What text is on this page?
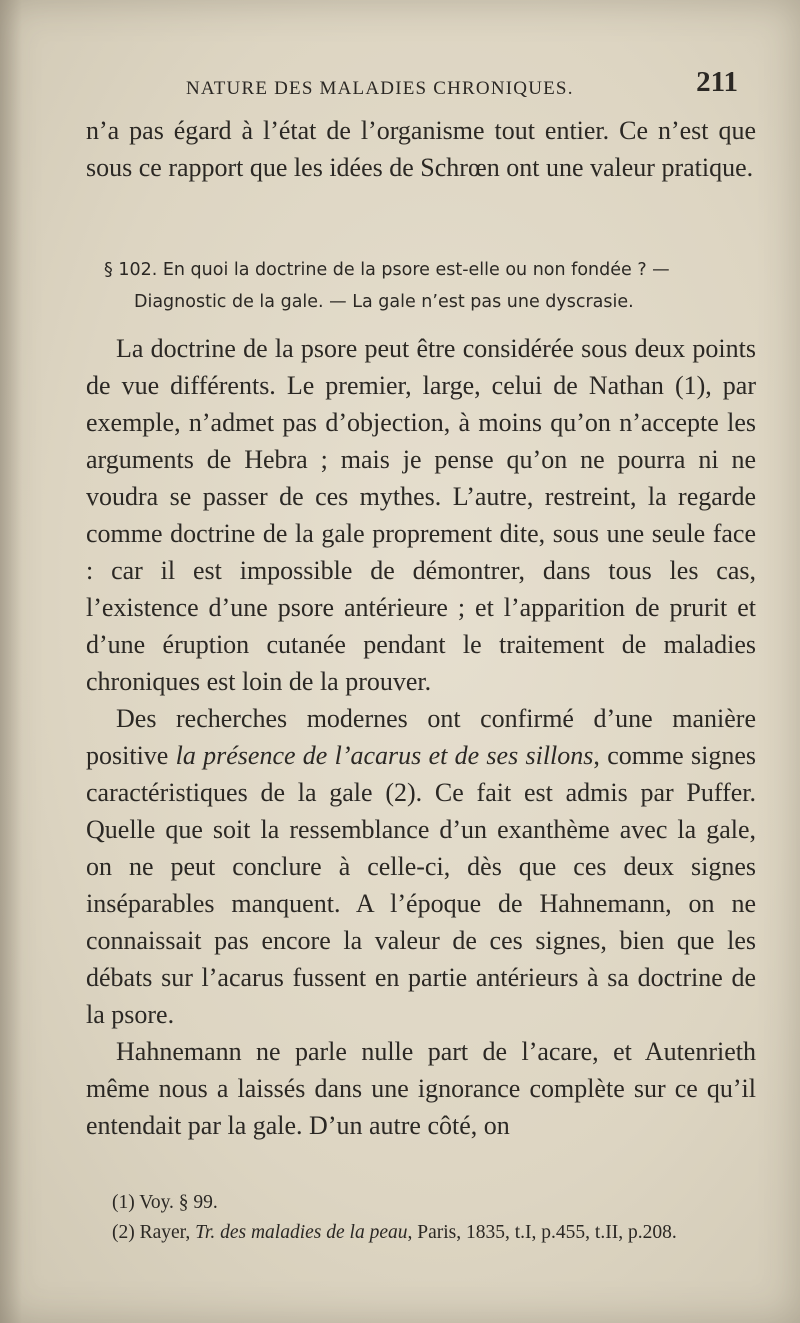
NATURE DES MALADIES CHRONIQUES.	211

n’a pas égard à l’état de l’organisme tout entier. Ce n’est que sous ce rapport que les idées de Schrœn ont une valeur pratique.

§ 102. En quoi la doctrine de la psore est-elle ou non fondée ? —
Diagnostic de la gale. — La gale n’est pas une dyscrasie.

La doctrine de la psore peut être considérée sous deux points de vue différents. Le premier, large, celui de Nathan (1), par exemple, n’admet pas d’objection, à moins qu’on n’accepte les arguments de Hebra ; mais je pense qu’on ne pourra ni ne voudra se passer de ces mythes. L’autre, restreint, la regarde comme doctrine de la gale proprement dite, sous une seule face : car il est impossible de démontrer, dans tous les cas, l’existence d’une psore antérieure ; et l’apparition de prurit et d’une éruption cutanée pendant le traitement de maladies chroniques est loin de la prouver.

Des recherches modernes ont confirmé d’une manière positive la présence de l’acarus et de ses sillons, comme signes caractéristiques de la gale (2). Ce fait est admis par Puffer. Quelle que soit la ressemblance d’un exanthème avec la gale, on ne peut conclure à celle-ci, dès que ces deux signes inséparables manquent. A l’époque de Hahnemann, on ne connaissait pas encore la valeur de ces signes, bien que les débats sur l’acarus fussent en partie antérieurs à sa doctrine de la psore.

Hahnemann ne parle nulle part de l’acare, et Autenrieth même nous a laissés dans une ignorance complète sur ce qu’il entendait par la gale. D’un autre côté, on

(1) Voy. § 99.
(2) Rayer, Tr. des maladies de la peau, Paris, 1835, t.I, p.455, t.II, p.208.
